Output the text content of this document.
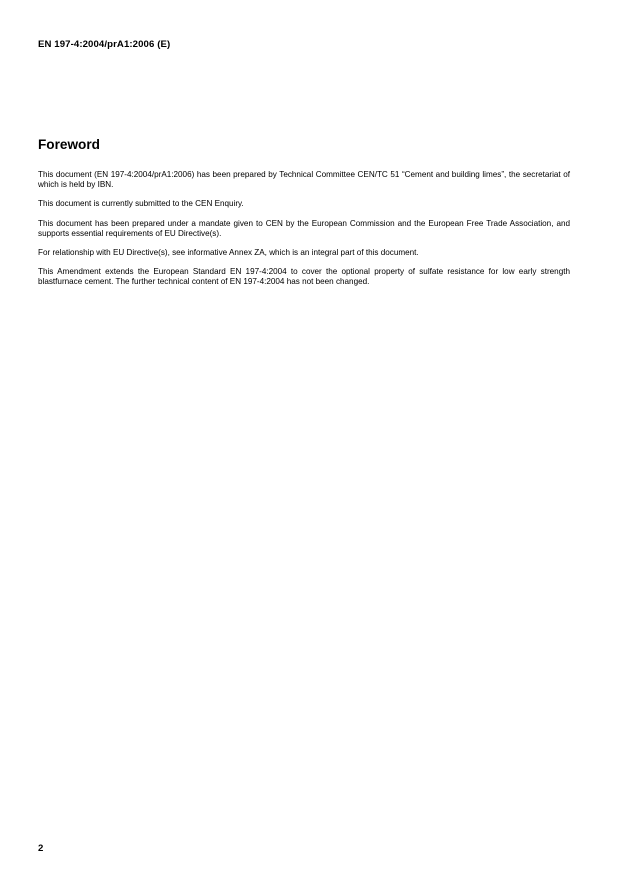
EN 197-4:2004/prA1:2006 (E)
Foreword

This document (EN 197-4:2004/prA1:2006) has been prepared by Technical Committee CEN/TC 51 “Cement and building limes”, the secretariat of which is held by IBN.

This document is currently submitted to the CEN Enquiry.

This document has been prepared under a mandate given to CEN by the European Commission and the European Free Trade Association, and supports essential requirements of EU Directive(s).

For relationship with EU Directive(s), see informative Annex ZA, which is an integral part of this document.

This Amendment extends the European Standard EN 197-4:2004 to cover the optional property of sulfate resistance for low early strength blastfurnace cement. The further technical content of EN 197-4:2004 has not been changed.

2
